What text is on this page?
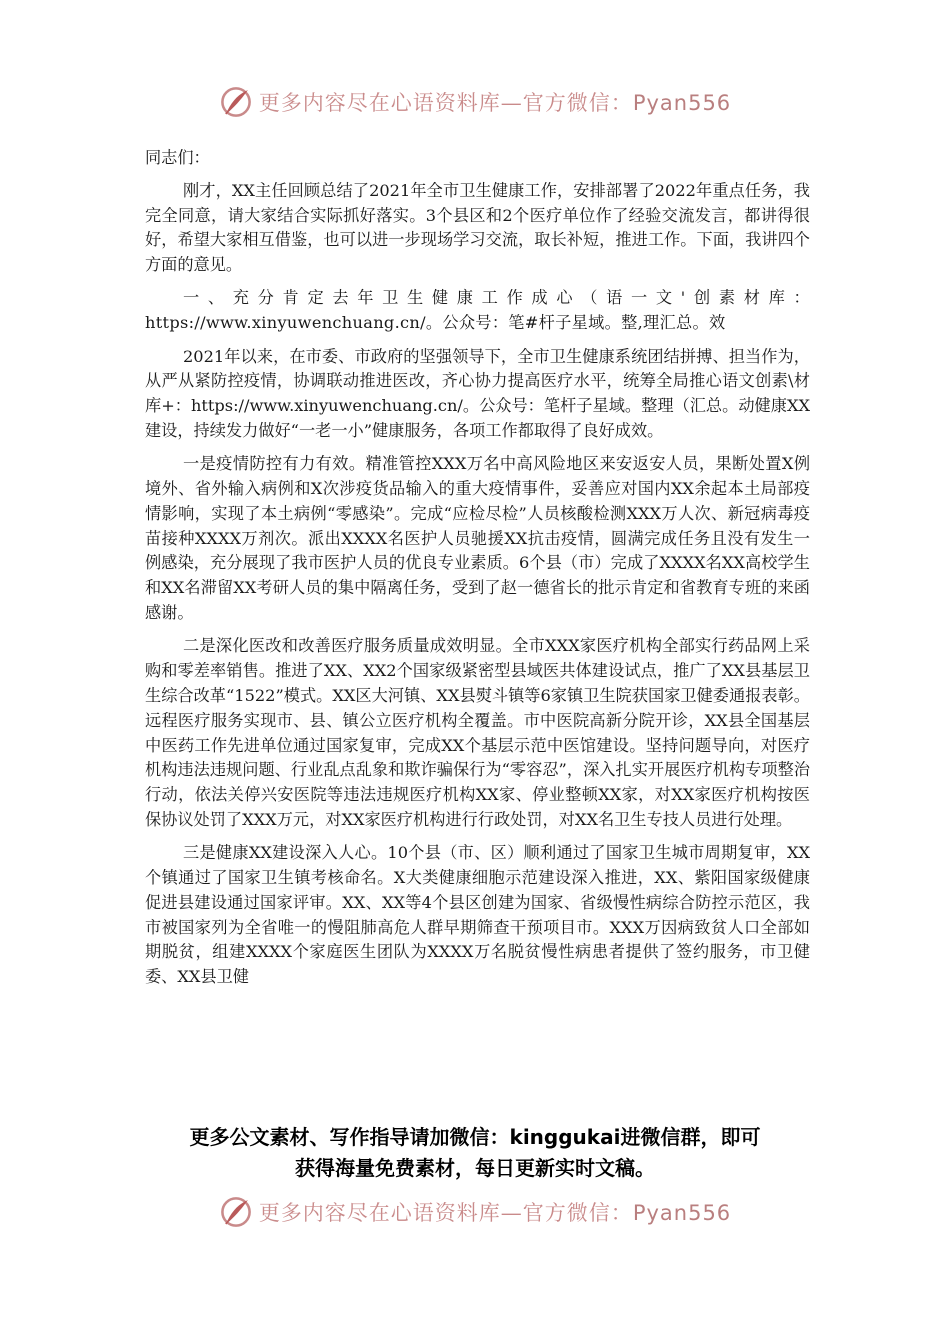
更多内容尽在心语资料库—官方微信：Pyan556

同志们：

刚才，XX主任回顾总结了2021年全市卫生健康工作，安排部署了2022年重点任务，我完全同意，请大家结合实际抓好落实。3个县区和2个医疗单位作了经验交流发言，都讲得很好，希望大家相互借鉴，也可以进一步现场学习交流，取长补短，推进工作。下面，我讲四个方面的意见。

一、充分肯定去年卫生健康工作成心（语一文'创素材库：https://www.xinyuwenchuang.cn/。公众号：笔#杆子星域。整,理汇总。效

2021年以来，在市委、市政府的坚强领导下，全市卫生健康系统团结拼搏、担当作为，从严从紧防控疫情，协调联动推进医改，齐心协力提高医疗水平，统筹全局推心语文创素\材库+：https://www.xinyuwenchuang.cn/。公众号：笔杆子星域。整理（汇总。动健康XX建设，持续发力做好“一老一小”健康服务，各项工作都取得了良好成效。

一是疫情防控有力有效。精准管控XXX万名中高风险地区来安返安人员，果断处置X例境外、省外输入病例和X次涉疫货品输入的重大疫情事件，妥善应对国内XX余起本土局部疫情影响，实现了本土病例“零感染”。完成“应检尽检”人员核酸检测XXX万人次、新冠病毒疫苗接种XXXX万剂次。派出XXXX名医护人员驰援XX抗击疫情，圆满完成任务且没有发生一例感染，充分展现了我市医护人员的优良专业素质。6个县（市）完成了XXXX名XX高校学生和XX名滞留XX考研人员的集中隔离任务，受到了赵一德省长的批示肯定和省教育专班的来函感谢。

二是深化医改和改善医疗服务质量成效明显。全市XXX家医疗机构全部实行药品网上采购和零差率销售。推进了XX、XX2个国家级紧密型县域医共体建设试点，推广了XX县基层卫生综合改革“1522”模式。XX区大河镇、XX县熨斗镇等6家镇卫生院获国家卫健委通报表彰。远程医疗服务实现市、县、镇公立医疗机构全覆盖。市中医院高新分院开诊，XX县全国基层中医药工作先进单位通过国家复审，完成XX个基层示范中医馆建设。坚持问题导向，对医疗机构违法违规问题、行业乱点乱象和欺诈骗保行为“零容忍”，深入扎实开展医疗机构专项整治行动，依法关停兴安医院等违法违规医疗机构XX家、停业整顿XX家，对XX家医疗机构按医保协议处罚了XXX万元，对XX家医疗机构进行行政处罚，对XX名卫生专技人员进行处理。

三是健康XX建设深入人心。10个县（市、区）顺利通过了国家卫生城市周期复审，XX个镇通过了国家卫生镇考核命名。X大类健康细胞示范建设深入推进，XX、紫阳国家级健康促进县建设通过国家评审。XX、XX等4个县区创建为国家、省级慢性病综合防控示范区，我市被国家列为全省唯一的慢阻肺高危人群早期筛查干预项目市。XXX万因病致贫人口全部如期脱贫，组建XXXX个家庭医生团队为XXXX万名脱贫慢性病患者提供了签约服务，市卫健委、XX县卫健

更多公文素材、写作指导请加微信：kinggukai进微信群，即可
获得海量免费素材，每日更新实时文稿。
更多内容尽在心语资料库—官方微信：Pyan556
